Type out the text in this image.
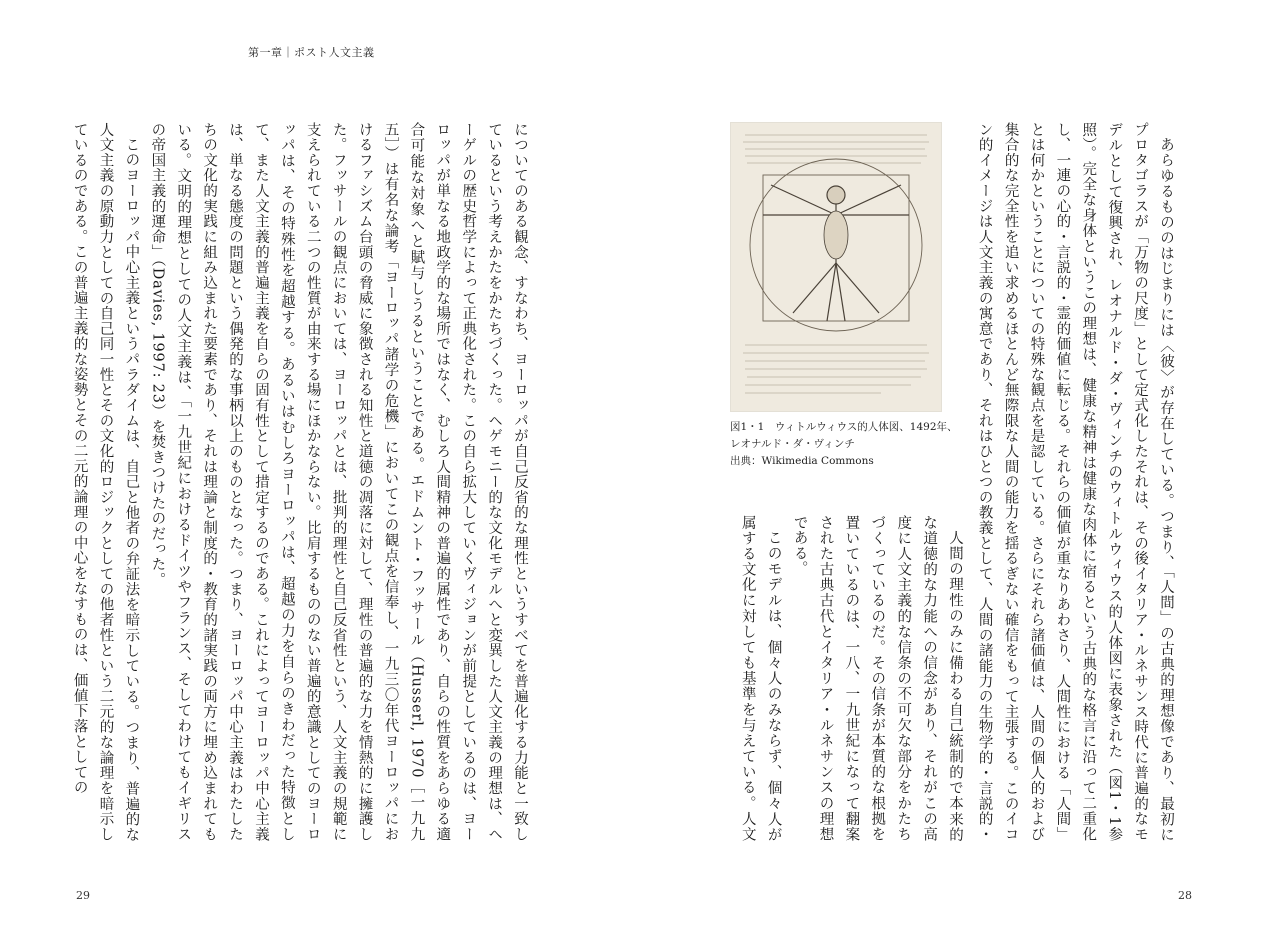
第一章｜ポスト人文主義

についてのある観念、すなわち、ヨーロッパが自己反省的な理性というすべてを普遍化する力能と一致しているという考えかたをかたちづくった。ヘゲモニー的な文化モデルへと変異した人文主義の理想は、ヘーゲルの歴史哲学によって正典化された。この自ら拡大していくヴィジョンが前提としているのは、ヨーロッパが単なる地政学的な場所ではなく、むしろ人間精神の普遍的属性であり、自らの性質をあらゆる適合可能な対象へと賦与しうるということである。エドムント・フッサール（Husserl, 1970［一九九五］）は有名な論考「ヨーロッパ諸学の危機」においてこの観点を信奉し、一九三〇年代ヨーロッパにおけるファシズム台頭の脅威に象徴される知性と道徳の凋落に対して、理性の普遍的な力を情熱的に擁護した。フッサールの観点においては、ヨーロッパとは、批判的理性と自己反省性という、人文主義の規範に支えられている二つの性質が由来する場にほかならない。比肩するもののない普遍的意識としてのヨーロッパは、その特殊性を超越する。あるいはむしろヨーロッパは、超越の力を自らのきわだった特徴として、また人文主義的普遍主義を自らの固有性として措定するのである。これによってヨーロッパ中心主義は、単なる態度の問題という偶発的な事柄以上のものとなった。つまり、ヨーロッパ中心主義はわたしたちの文化的実践に組み込まれた要素であり、それは理論と制度的・教育的諸実践の両方に埋め込まれてもいる。文明的理想としての人文主義は、「一九世紀におけるドイツやフランス、そしてわけてもイギリスの帝国主義的運命」（Davies, 1997: 23）を焚きつけたのだった。

このヨーロッパ中心主義というパラダイムは、自己と他者の弁証法を暗示している。つまり、普遍的な人文主義の原動力としての自己同一性とその文化的ロジックとしての他者性という二元的な論理を暗示しているのである。この普遍主義的な姿勢とその二元的論理の中心をなすものは、価値下落としての

29

あらゆるもののはじまりには〈彼〉が存在している。つまり、「人間」の古典的理想像であり、最初にプロタゴラスが「万物の尺度」として定式化したそれは、その後イタリア・ルネサンス時代に普遍的なモデルとして復興され、レオナルド・ダ・ヴィンチのウィトルウィウス的人体図に表象された（図1・1参照）。完全な身体というこの理想は、健康な精神は健康な肉体に宿るという古典的な格言に沿って二重化し、一連の心的・言説的・霊的価値に転じる。それらの価値が重なりあわさり、人間性における「人間」とは何かということについての特殊な観点を是認している。さらにそれら諸価値は、人間の個人的および集合的な完全性を追い求めるほとんど無際限な人間の能力を揺るぎない確信をもって主張する。このイコン的イメージは人文主義の寓意であり、それはひとつの教義として、人間の諸能力の生物学的・言説的・

図1・1　ウィトルウィウス的人体図、1492年、
レオナルド・ダ・ヴィンチ
出典：Wikimedia Commons

人間の理性のみに備わる自己統制的で本来的な道徳的な力能への信念があり、それがこの高度に人文主義的な信条の不可欠な部分をかたちづくっているのだ。その信条が本質的な根拠を置いているのは、一八、一九世紀になって翻案された古典古代とイタリア・ルネサンスの理想である。

このモデルは、個々人のみならず、個々人が属する文化に対しても基準を与えている。人文

28
